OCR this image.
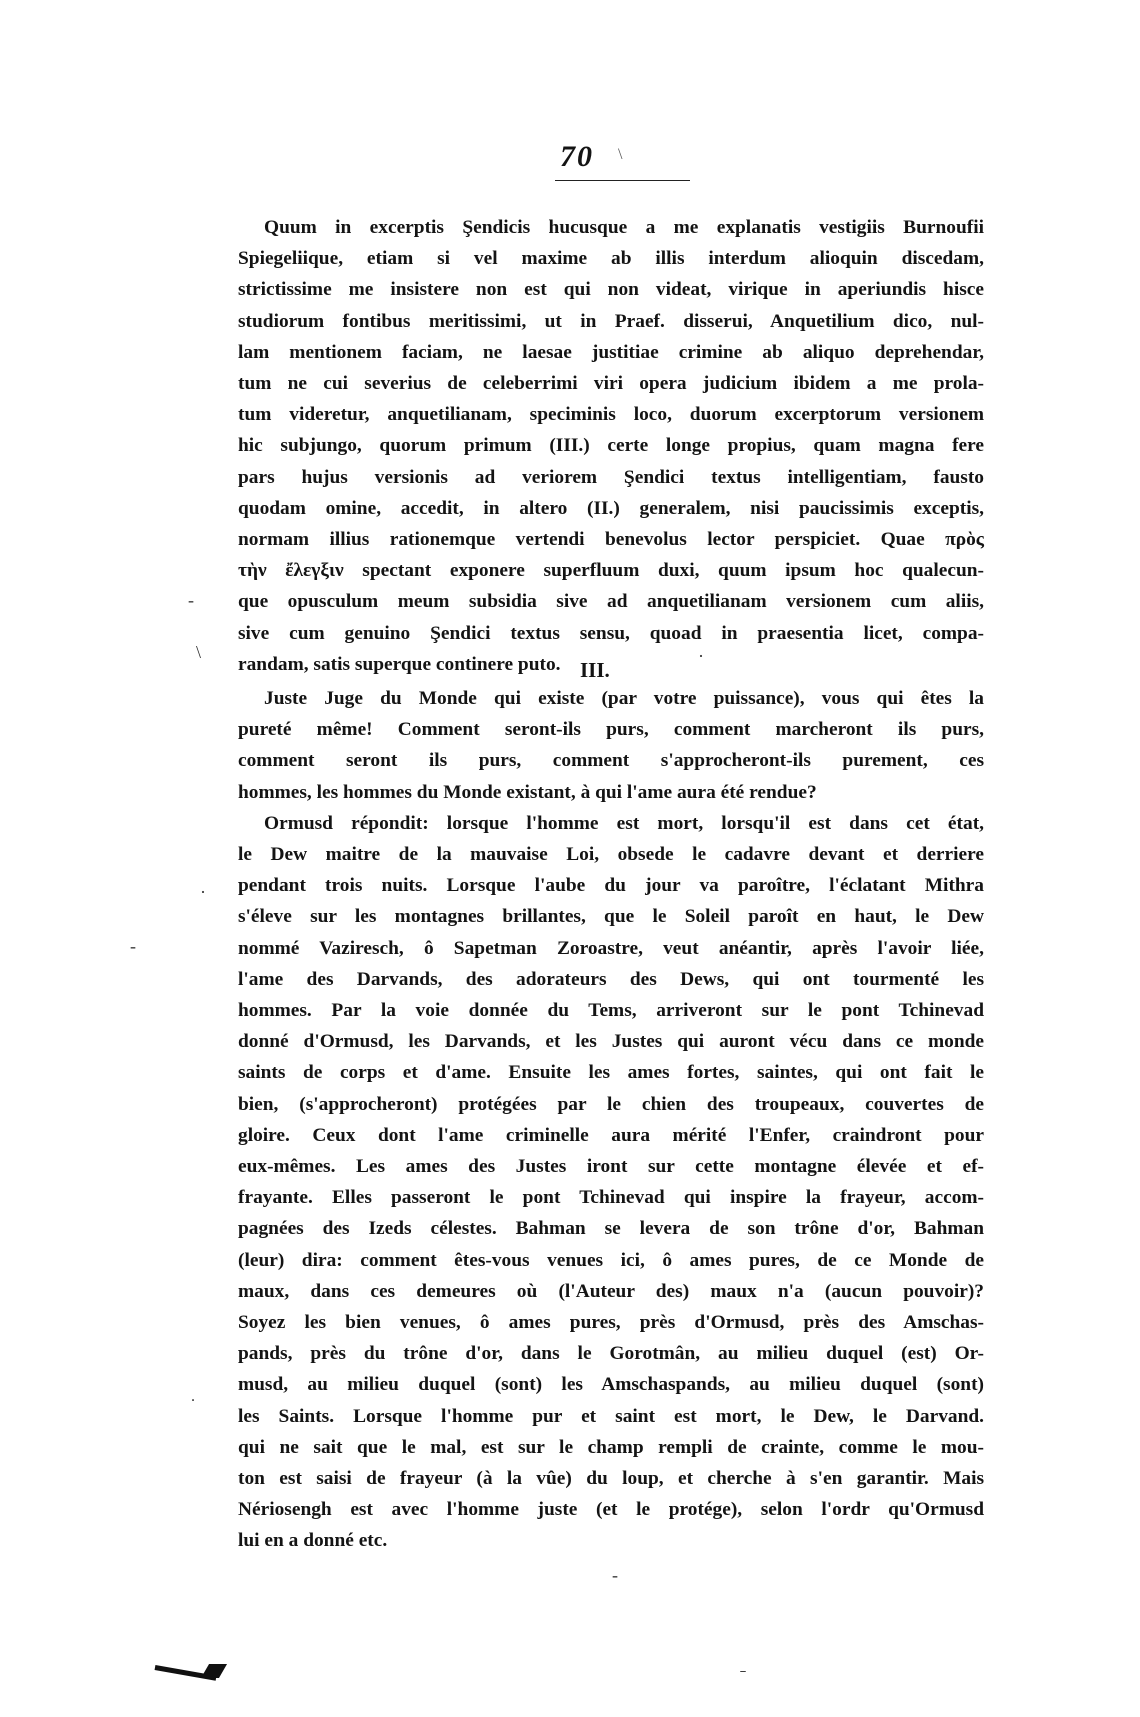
70 \
Quum in excerptis Şendicis hucusque a me explanatis vestigiis Burnoufii
Spiegeliique, etiam si vel maxime ab illis interdum alioquin discedam,
strictissime me insistere non est qui non videat, virique in aperiundis hisce
studiorum fontibus meritissimi, ut in Praef. disserui, Anquetilium dico, nul-
lam mentionem faciam, ne laesae justitiae crimine ab aliquo deprehendar,
tum ne cui severius de celeberrimi viri opera judicium ibidem a me prola-
tum videretur, anquetilianam, speciminis loco, duorum excerptorum versionem
hic subjungo, quorum primum (III.) certe longe propius, quam magna fere
pars hujus versionis ad veriorem Şendici textus intelligentiam, fausto
quodam omine, accedit, in altero (II.) generalem, nisi paucissimis exceptis,
normam illius rationemque vertendi benevolus lector perspiciet. Quae πρὸς
τὴν ἔλεγξιν spectant exponere superfluum duxi, quum ipsum hoc qualecun-
que opusculum meum subsidia sive ad anquetilianam versionem cum aliis,
sive cum genuino Şendici textus sensu, quoad in praesentia licet, compa-
randam, satis superque continere puto. III.
Juste Juge du Monde qui existe (par votre puissance), vous qui êtes la
pureté même! Comment seront-ils purs, comment marcheront ils purs,
comment seront ils purs, comment s'approcheront-ils purement, ces
hommes, les hommes du Monde existant, à qui l'ame aura été rendue?
Ormusd répondit: lorsque l'homme est mort, lorsqu'il est dans cet état,
le Dew maitre de la mauvaise Loi, obsede le cadavre devant et derriere
pendant trois nuits. Lorsque l'aube du jour va paroître, l'éclatant Mithra
s'éleve sur les montagnes brillantes, que le Soleil paroît en haut, le Dew
nommé Vaziresch, ô Sapetman Zoroastre, veut anéantir, après l'avoir liée,
l'ame des Darvands, des adorateurs des Dews, qui ont tourmenté les
hommes. Par la voie donnée du Tems, arriveront sur le pont Tchinevad
donné d'Ormusd, les Darvands, et les Justes qui auront vécu dans ce monde
saints de corps et d'ame. Ensuite les ames fortes, saintes, qui ont fait le
bien, (s'approcheront) protégées par le chien des troupeaux, couvertes de
gloire. Ceux dont l'ame criminelle aura mérité l'Enfer, craindront pour
eux-mêmes. Les ames des Justes iront sur cette montagne élevée et ef-
frayante. Elles passeront le pont Tchinevad qui inspire la frayeur, accom-
pagnées des Izeds célestes. Bahman se levera de son trône d'or, Bahman
(leur) dira: comment êtes-vous venues ici, ô ames pures, de ce Monde de
maux, dans ces demeures où (l'Auteur des) maux n'a (aucun pouvoir)?
Soyez les bien venues, ô ames pures, près d'Ormusd, près des Amschas-
pands, près du trône d'or, dans le Gorotmân, au milieu duquel (est) Or-
musd, au milieu duquel (sont) les Amschaspands, au milieu duquel (sont)
les Saints. Lorsque l'homme pur et saint est mort, le Dew, le Darvand.
qui ne sait que le mal, est sur le champ rempli de crainte, comme le mou-
ton est saisi de frayeur (à la vûe) du loup, et cherche à s'en garantir. Mais
Nériosengh est avec l'homme juste (et le protége), selon l'ordr qu'Ormusd
lui en a donné etc.
-
\	·
·
˙
-
-
ˉ
